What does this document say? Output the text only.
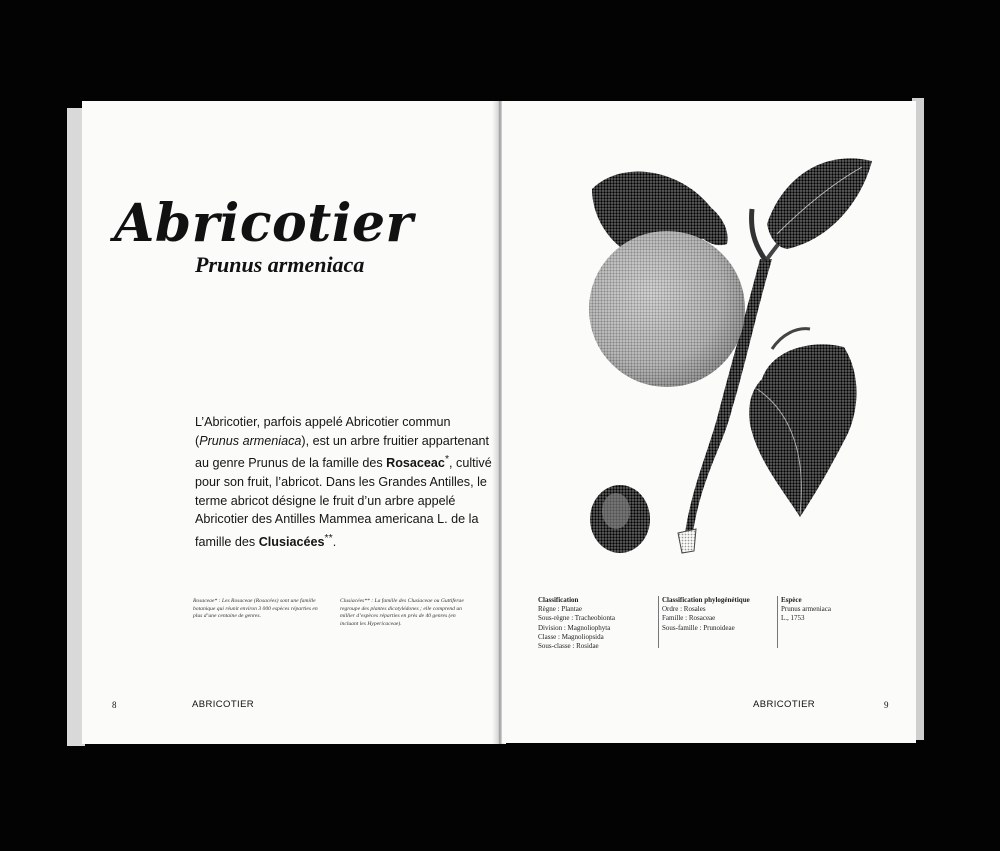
Abricotier
Prunus armeniaca

L’Abricotier, parfois appelé Abricotier commun (Prunus armeniaca), est un arbre fruitier appartenant au genre Prunus de la famille des Rosaceac*, cultivé pour son fruit, l’abricot. Dans les Grandes Antilles, le terme abricot désigne le fruit d’un arbre appelé Abricotier des Antilles Mammea americana L. de la famille des Clusiacées**.

Rosaceae* : Les Rosaceae (Rosacées) sont une famille botanique qui réunit environ 3 000 espèces réparties en plus d’une centaine de genres.

Clusiacées** : La famille des Clusiaceae ou Guttiferae regroupe des plantes dicotylédones ; elle comprend un millier d’espèces réparties en près de 40 genres (en incluant les Hypericaceae).

8	ABRICOTIER
Classification
Règne : Plantae
Sous-règne : Tracheobionta
Division : Magnoliophyta
Classe : Magnoliopsida
Sous-classe : Rosidae
Classification phylogénétique
Ordre : Rosales
Famille : Rosaceae
Sous-famille : Prunoideae
Espèce
Prunus armeniaca
L., 1753
ABRICOTIER	9
